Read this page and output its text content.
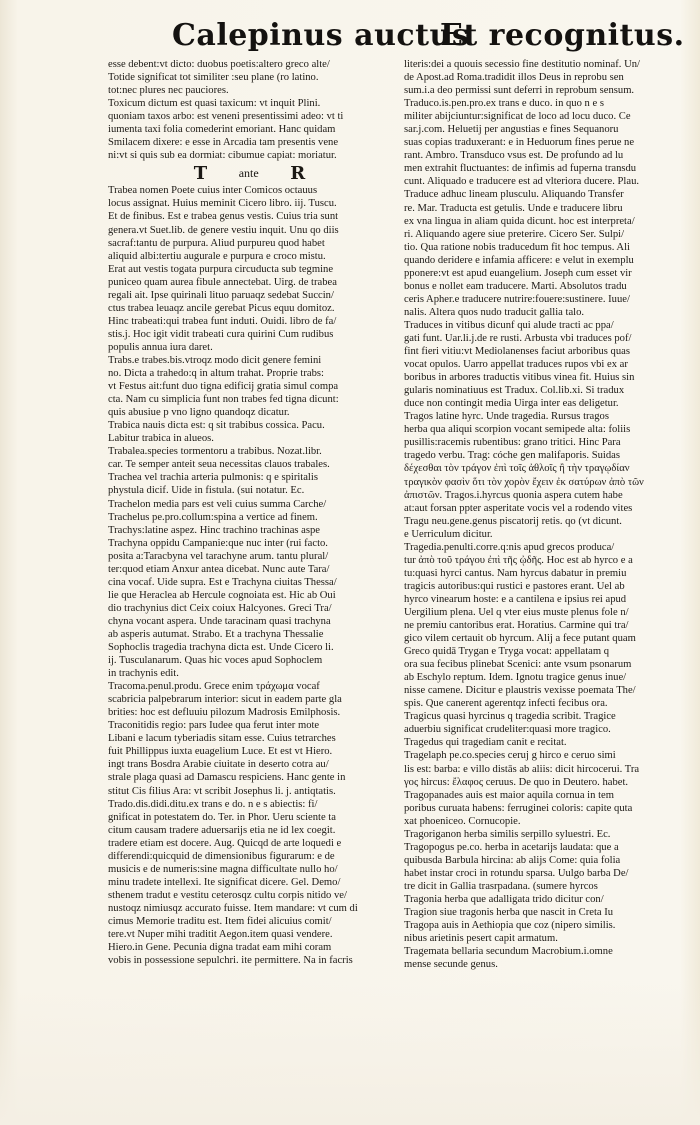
Calepinus auctus
Et recognitus.
esse debent:vt dicto: duobus poetis:altero greco alte/
Totide significat tot similiter :seu plane (ro latino.
tot:nec plures nec pauciores.
Toxicum dictum est quasi taxicum: vt inquit Plini.
quoniam taxos arbo: est veneni presentissimi adeo: vt ti
iumenta taxi folia comederint emoriant. Hanc quidam
Smilacem dixere: e esse in Arcadia tam presentis vene
ni:vt si quis sub ea dormiat: cibumue capiat: moriatur.
T	ante R
Trabea nomen Poete cuius inter Comicos octauus
locus assignat. Huius meminit Cicero libro. iij. Tuscu.
Et de finibus. Est e trabea genus vestis. Cuius tria sunt
genera.vt Suet.lib. de genere vestiu inquit. Unu qo diis
sacraf:tantu de purpura. Aliud purpureu quod habet
aliquid albi:tertiu augurale e purpura e croco mistu.
Erat aut vestis togata purpura circuducta sub tegmine
puniceo quam aurea fibule annectebat. Uirg. de trabea
regali ait. Ipse quirinali lituo paruaqz sedebat Succin/
ctus trabea leuaqz ancile gerebat Picus equu domitoz.
Hinc trabeati:qui trabea funt induti. Ouidi. libro de fa/
stis.j. Hoc igit vidit trabeati cura quirini Cum rudibus
populis annua iura daret.
Trabs.e trabes.bis.vtroqz modo dicit genere femini
no. Dicta a trahedo:q in altum trahat. Proprie trabs:
vt Festus ait:funt duo tigna edificij gratia simul compa
cta. Nam cu simplicia funt non trabes fed tigna dicunt:
quis abusiue p vno ligno quandoqz dicatur.
Trabica nauis dicta est: q sit trabibus cossica. Pacu.
Labitur trabica in alueos.
Trabalea.species tormentoru a trabibus. Nozat.libr.
car. Te semper anteit seua necessitas clauos trabales.
Trachea vel trachia arteria pulmonis: q e spiritalis
phystula dicif. Uide in fistula. (sui notatur. Ec.
Trachelon media pars est veli cuius summa Carche/
Trachelus pe.pro.collum:spina a vertice ad finem.
Trachys:latine aspez. Hinc trachino trachinas aspe
Trachyna oppidu Campanie:que nuc inter (rui facto.
posita a:Taracbyna vel tarachyne arum. tantu plural/
ter:quod etiam Anxur antea dicebat. Nunc aute Tara/
cina vocaf. Uide supra. Est e Trachyna ciuitas Thessa/
lie que Heraclea ab Hercule cognoiata est. Hic ab Oui
dio trachynius dict Ceix coiux Halcyones. Greci Tra/
chyna vocant aspera. Unde taracinam quasi trachyna
ab asperis autumat. Strabo. Et a trachyna Thessalie
Sophoclis tragedia trachyna dicta est. Unde Cicero li.
ij. Tusculanarum. Quas hic voces apud Sophoclem
in trachynis edit.
Tracoma.penul.produ. Grece enim τράχωμα vocaf
scabricia palpebrarum interior: sicut in eadem parte gla
brities: hoc est defluuiu pilozum Madrosis Emilphosis.
Traconitidis regio: pars Iudee qua ferut inter mote
Libani e lacum tyberiadis sitam esse. Cuius tetrarches
fuit Phillippus iuxta euagelium Luce. Et est vt Hiero.
ingt trans Bosdra Arabie ciuitate in deserto cotra au/
strale plaga quasi ad Damascu respiciens. Hanc gente in
stitut Cis filius Ara: vt scribit Josephus li. j. antiqtatis.
Trado.dis.didi.ditu.ex trans e do. n e s abiectis: fi/
gnificat in potestatem do. Ter. in Phor. Ueru sciente ta
citum causam tradere aduersarijs etia ne id lex coegit.
tradere etiam est docere. Aug. Quicqd de arte loquedi e
differendi:quicquid de dimensionibus figurarum: e de
musicis e de numeris:sine magna difficultate nullo ho/
minu tradete intellexi. Ite significat dicere. Gel. Demo/
sthenem tradut e vestitu ceterosqz cultu corpis nitido ve/
nustoqz nimiusqz accurato fuisse. Item mandare: vt cum di
cimus Memorie traditu est. Item fidei alicuius comit/
tere.vt Nuper mihi traditit Aegon.item quasi vendere.
Hiero.in Gene. Pecunia digna tradat eam mihi coram
vobis in possessione sepulchri. ite permittere. Na in facris
literis:dei a quouis secessio fine destitutio nominaf. Un/
de Apost.ad Roma.tradidit illos Deus in reprobu sen
sum.i.a deo permissi sunt deferri in reprobum sensum.
Traduco.is.pen.pro.ex trans e duco. in quo n e s
militer abijciuntur:significat de loco ad locu duco. Ce
sar.j.com. Heluetij per angustias e fines Sequanoru
suas copias traduxerant: e in Heduorum fines perue ne
rant. Ambro. Transduco vsus est. De profundo ad lu
men extrahit fluctuantes: de infimis ad fuperna transdu
cunt. Aliquado e traducere est ad vlteriora ducere. Plau.
Traduce adhuc lineam plusculu. Aliquando Transfer
re. Mar. Traducta est getulis. Unde e traducere libru
ex vna lingua in aliam quida dicunt. hoc est interpreta/
ri. Aliquando agere siue preterire. Cicero Ser. Sulpi/
tio. Qua ratione nobis traducedum fit hoc tempus. Ali
quando deridere e infamia afficere: e velut in exemplu
pponere:vt est apud euangelium. Joseph cum esset vir
bonus e nollet eam traducere. Marti. Absolutos tradu
ceris Apher.e traducere nutrire:fouere:sustinere. Iuue/
nalis. Altera quos nudo traducit gallia talo.
Traduces in vitibus dicunf qui alude tracti ac ppa/
gati funt. Uar.li.j.de re rusti. Arbusta vbi traduces pof/
fint fieri vitiu:vt Mediolanenses faciut arboribus quas
vocat opulos. Uarro appellat traduces rupos vbi ex ar
boribus in arbores traductis vitibus vinea fit. Huius sin
gularis nominatiuus est Tradux. Col.lib.xi. Si tradux
duce non contingit media Uirga inter eas deligetur.
Tragos latine hyrc. Unde tragedia. Rursus tragos
herba qua aliqui scorpion vocant semipede alta: foliis
pusillis:racemis rubentibus: grano tritici. Hinc Para
tragedo verbu. Trag: cóche gen malifaporis. Suidas
δέχεσθαι τὸν τράγον ἐπὶ τοῖς ἀθλοῖς ἢ τὴν τραγῳδίαν
τραγικὸν φασὶν ὅτι τὸν χορὸν ἔχειν ἐκ σατύρων ἀπὸ τῶν
ἀπιστῶν. Tragos.i.hyrcus quonia aspera cutem habe
at:aut forsan ppter asperitate vocis vel a rodendo vites
Tragu neu.gene.genus piscatorij retis. qo (vt dicunt.
e Uerriculum dicitur.
Tragedia.penulti.corre.q:nis apud grecos produca/
tur ἀπὸ τοῦ τράγου ἐπὶ τῆς ᾠδῆς. Hoc est ab hyrco e a
tu:quasi hyrci cantus. Nam hyrcus dabatur in premiu
tragicis autoribus:qui rustici e pastores erant. Uel ab
hyrco vinearum hoste: e a cantilena e ipsius rei apud
Uergilium plena. Uel q vter eius muste plenus fole n/
ne premiu cantoribus erat. Horatius. Carmine qui tra/
gico vilem certauit ob hyrcum. Alij a fece putant quam
Greco quidā Trygan e Tryga vocat: appellatam q
ora sua fecibus plinebat Scenici: ante vsum psonarum
ab Eschylo reptum. Idem. Ignotu tragice genus inue/
nisse camene. Dicitur e plaustris vexisse poemata The/
spis. Que canerent agerentqz infecti fecibus ora.
Tragicus quasi hyrcinus q tragedia scribit. Tragice
aduerbiu significat crudeliter:quasi more tragico.
Tragedus qui tragediam canit e recitat.
Tragelaph pe.co.species ceruj g hirco e ceruo simi
lis est: barba: e villo distās ab aliis: dicit hircocerui. Tra
γος hircus: ἔλαφος ceruus. De quo in Deutero. habet.
Tragopanades auis est maior aquila cornua in tem
poribus curuata habens: ferruginei coloris: capite quta
xat phoeniceo. Cornucopie.
Tragoriganon herba similis serpillo syluestri. Ec.
Tragopogus pe.co. herba in acetarijs laudata: que a
quibusda Barbula hircina: ab alijs Come: quia folia
habet instar croci in rotundu sparsa. Uulgo barba De/
tre dicit in Gallia trasrpadana. (sumere hyrcos
Tragonia herba que adalligata trido dicitur con/
Tragion siue tragonis herba que nascit in Creta Iu
Tragopa auis in Aethiopia que coz (nipero similis.
nibus arietinis pesert capit armatum.
Tragemata bellaria secundum Macrobium.i.omne
mense secunde genus.
